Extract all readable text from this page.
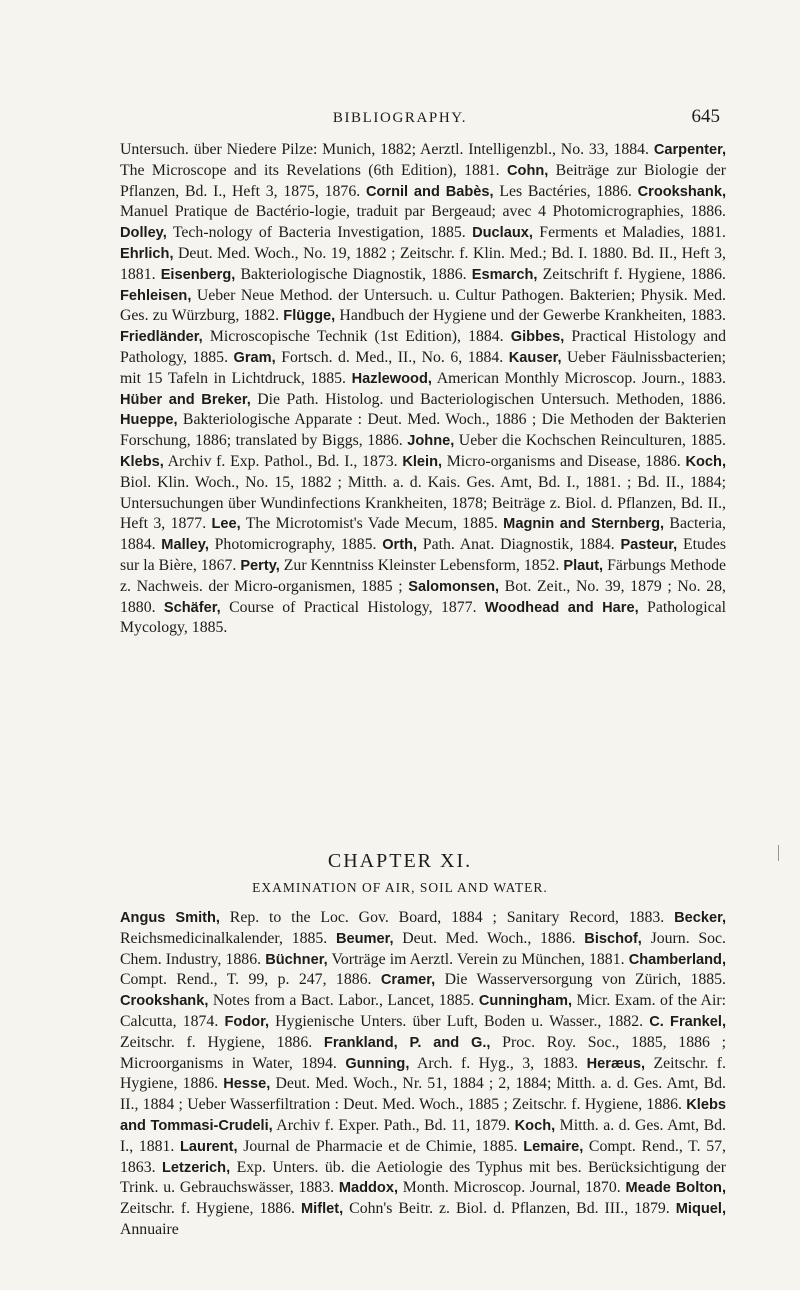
BIBLIOGRAPHY.	645

Untersuch. über Niedere Pilze: Munich, 1882; Aerztl. Intelligenzbl., No. 33, 1884. Carpenter, The Microscope and its Revelations (6th Edition), 1881. Cohn, Beiträge zur Biologie der Pflanzen, Bd. I., Heft 3, 1875, 1876. Cornil and Babès, Les Bactéries, 1886. Crookshank, Manuel Pratique de Bactério-logie, traduit par Bergeaud; avec 4 Photomicrographies, 1886. Dolley, Tech-nology of Bacteria Investigation, 1885. Duclaux, Ferments et Maladies, 1881. Ehrlich, Deut. Med. Woch., No. 19, 1882 ; Zeitschr. f. Klin. Med.; Bd. I. 1880. Bd. II., Heft 3, 1881. Eisenberg, Bakteriologische Diagnostik, 1886. Esmarch, Zeitschrift f. Hygiene, 1886. Fehleisen, Ueber Neue Method. der Untersuch. u. Cultur Pathogen. Bakterien; Physik. Med. Ges. zu Würzburg, 1882. Flügge, Handbuch der Hygiene und der Gewerbe Krankheiten, 1883. Friedländer, Microscopische Technik (1st Edition), 1884. Gibbes, Practical Histology and Pathology, 1885. Gram, Fortsch. d. Med., II., No. 6, 1884. Kauser, Ueber Fäulnissbacterien; mit 15 Tafeln in Lichtdruck, 1885. Hazlewood, American Monthly Microscop. Journ., 1883. Hüber and Breker, Die Path. Histolog. und Bacteriologischen Untersuch. Methoden, 1886. Hueppe, Bakteriologische Apparate : Deut. Med. Woch., 1886 ; Die Methoden der Bakterien Forschung, 1886; translated by Biggs, 1886. Johne, Ueber die Kochschen Reinculturen, 1885. Klebs, Archiv f. Exp. Pathol., Bd. I., 1873. Klein, Micro-organisms and Disease, 1886. Koch, Biol. Klin. Woch., No. 15, 1882 ; Mitth. a. d. Kais. Ges. Amt, Bd. I., 1881. ; Bd. II., 1884; Untersuchungen über Wundinfections Krankheiten, 1878; Beiträge z. Biol. d. Pflanzen, Bd. II., Heft 3, 1877. Lee, The Microtomist's Vade Mecum, 1885. Magnin and Sternberg, Bacteria, 1884. Malley, Photomicrography, 1885. Orth, Path. Anat. Diagnostik, 1884. Pasteur, Etudes sur la Bière, 1867. Perty, Zur Kenntniss Kleinster Lebensform, 1852. Plaut, Färbungs Methode z. Nachweis. der Micro-organismen, 1885 ; Salomonsen, Bot. Zeit., No. 39, 1879 ; No. 28, 1880. Schäfer, Course of Practical Histology, 1877. Woodhead and Hare, Pathological Mycology, 1885.

CHAPTER XI.
EXAMINATION OF AIR, SOIL AND WATER.

Angus Smith, Rep. to the Loc. Gov. Board, 1884 ; Sanitary Record, 1883. Becker, Reichsmedicinalkalender, 1885. Beumer, Deut. Med. Woch., 1886. Bischof, Journ. Soc. Chem. Industry, 1886. Büchner, Vorträge im Aerztl. Verein zu München, 1881. Chamberland, Compt. Rend., T. 99, p. 247, 1886. Cramer, Die Wasserversorgung von Zürich, 1885. Crookshank, Notes from a Bact. Labor., Lancet, 1885. Cunningham, Micr. Exam. of the Air: Calcutta, 1874. Fodor, Hygienische Unters. über Luft, Boden u. Wasser., 1882. C. Frankel, Zeitschr. f. Hygiene, 1886. Frankland, P. and G., Proc. Roy. Soc., 1885, 1886 ; Microorganisms in Water, 1894. Gunning, Arch. f. Hyg., 3, 1883. Heræus, Zeitschr. f. Hygiene, 1886. Hesse, Deut. Med. Woch., Nr. 51, 1884 ; 2, 1884; Mitth. a. d. Ges. Amt, Bd. II., 1884 ; Ueber Wasserfiltration : Deut. Med. Woch., 1885 ; Zeitschr. f. Hygiene, 1886. Klebs and Tommasi-Crudeli, Archiv f. Exper. Path., Bd. 11, 1879. Koch, Mitth. a. d. Ges. Amt, Bd. I., 1881. Laurent, Journal de Pharmacie et de Chimie, 1885. Lemaire, Compt. Rend., T. 57, 1863. Letzerich, Exp. Unters. üb. die Aetiologie des Typhus mit bes. Berücksichtigung der Trink. u. Gebrauchswässer, 1883. Maddox, Month. Microscop. Journal, 1870. Meade Bolton, Zeitschr. f. Hygiene, 1886. Miflet, Cohn's Beitr. z. Biol. d. Pflanzen, Bd. III., 1879. Miquel, Annuaire
